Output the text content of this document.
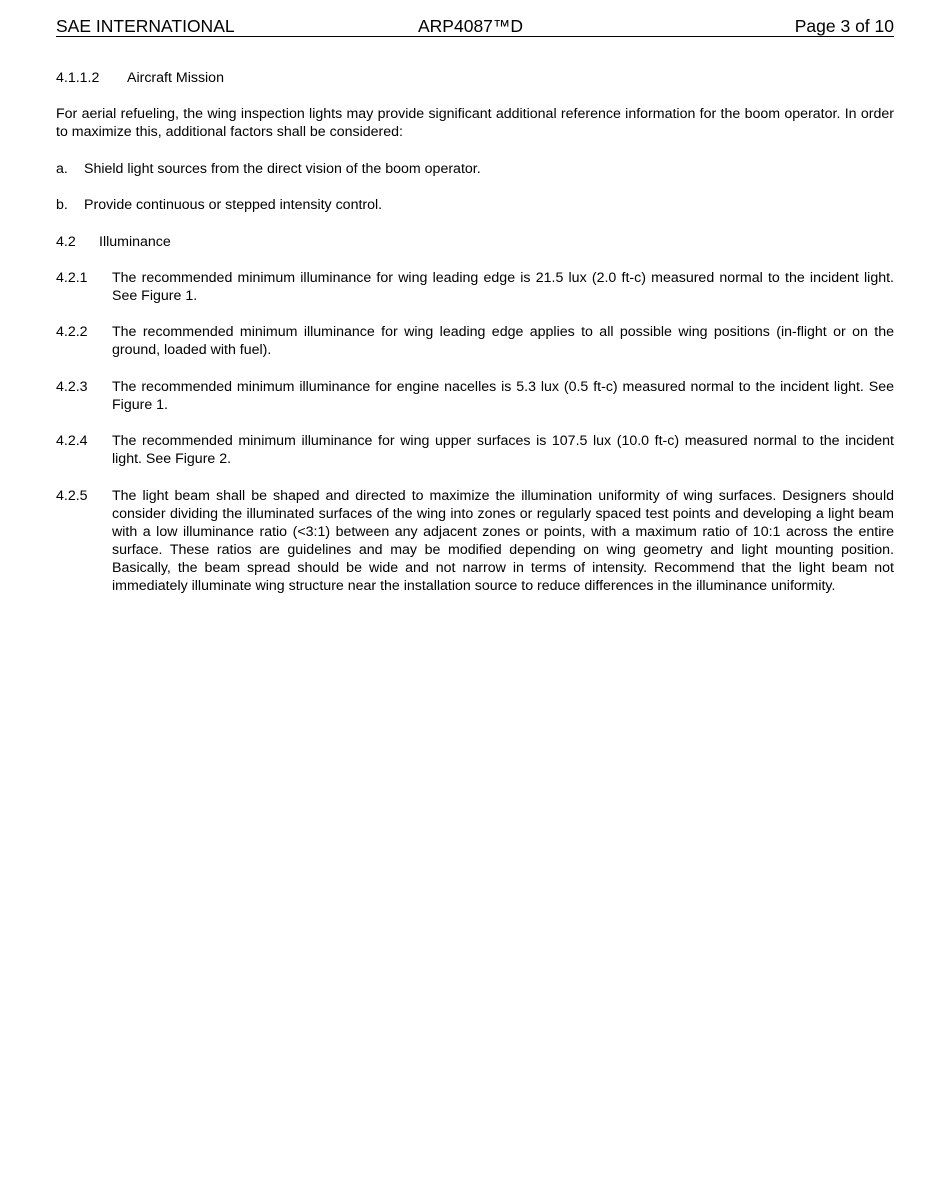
SAE INTERNATIONAL	ARP4087™D	Page 3 of 10
4.1.1.2	Aircraft Mission
For aerial refueling, the wing inspection lights may provide significant additional reference information for the boom operator. In order to maximize this, additional factors shall be considered:
a.	Shield light sources from the direct vision of the boom operator.
b.	Provide continuous or stepped intensity control.
4.2	Illuminance
4.2.1	The recommended minimum illuminance for wing leading edge is 21.5 lux (2.0 ft-c) measured normal to the incident light. See Figure 1.
4.2.2	The recommended minimum illuminance for wing leading edge applies to all possible wing positions (in-flight or on the ground, loaded with fuel).
4.2.3	The recommended minimum illuminance for engine nacelles is 5.3 lux (0.5 ft-c) measured normal to the incident light. See Figure 1.
4.2.4	The recommended minimum illuminance for wing upper surfaces is 107.5 lux (10.0 ft-c) measured normal to the incident light. See Figure 2.
4.2.5	The light beam shall be shaped and directed to maximize the illumination uniformity of wing surfaces. Designers should consider dividing the illuminated surfaces of the wing into zones or regularly spaced test points and developing a light beam with a low illuminance ratio (<3:1) between any adjacent zones or points, with a maximum ratio of 10:1 across the entire surface. These ratios are guidelines and may be modified depending on wing geometry and light mounting position. Basically, the beam spread should be wide and not narrow in terms of intensity. Recommend that the light beam not immediately illuminate wing structure near the installation source to reduce differences in the illuminance uniformity.
